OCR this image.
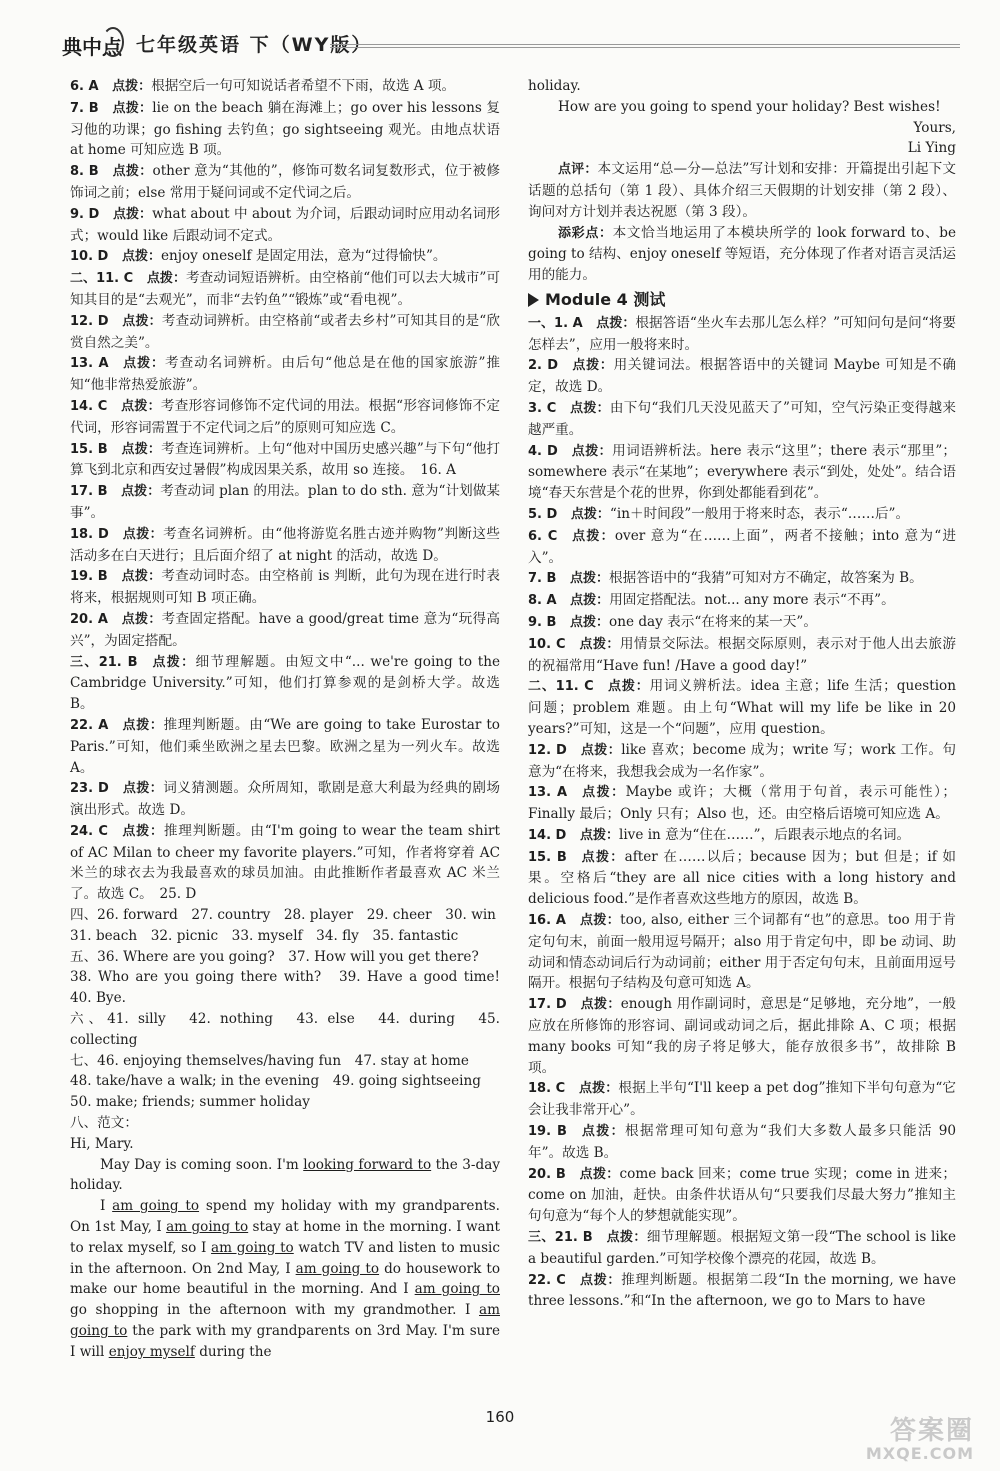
典中点 七年级英语 下（WY版）
6. A  点拨：根据空后一句可知说话者希望不下雨，故选 A 项。
7. B  点拨：lie on the beach 躺在海滩上；go over his lessons 复习他的功课；go fishing 去钓鱼；go sightseeing 观光。由地点状语 at home 可知应选 B 项。
8. B  点拨：other 意为“其他的”，修饰可数名词复数形式，位于被修饰词之前；else 常用于疑问词或不定代词之后。
9. D  点拨：what about 中 about 为介词，后跟动词时应用动名词形式；would like 后跟动词不定式。
10. D  点拨：enjoy oneself 是固定用法，意为“过得愉快”。
二、11. C  点拨：考查动词短语辨析。由空格前“他们可以去大城市”可知其目的是“去观光”，而非“去钓鱼”“锻炼”或“看电视”。
12. D  点拨：考查动词辨析。由空格前“或者去乡村”可知其目的是“欣赏自然之美”。
13. A  点拨：考查动名词辨析。由后句“他总是在他的国家旅游”推知“他非常热爱旅游”。
14. C  点拨：考查形容词修饰不定代词的用法。根据“形容词修饰不定代词，形容词需置于不定代词之后”的原则可知应选 C。
15. B  点拨：考查连词辨析。上句“他对中国历史感兴趣”与下句“他打算飞到北京和西安过暑假”构成因果关系，故用 so 连接。　16. A
17. B  点拨：考查动词 plan 的用法。plan to do sth. 意为“计划做某事”。
18. D  点拨：考查名词辨析。由“他将游览名胜古迹并购物”判断这些活动多在白天进行；且后面介绍了 at night 的活动，故选 D。
19. B  点拨：考查动词时态。由空格前 is 判断，此句为现在进行时表将来，根据规则可知 B 项正确。
20. A  点拨：考查固定搭配。have a good/great time 意为“玩得高兴”，为固定搭配。
三、21. B  点拨：细节理解题。由短文中“... we're going to the Cambridge University.”可知，他们打算参观的是剑桥大学。故选 B。
22. A  点拨：推理判断题。由“We are going to take Eurostar to Paris.”可知，他们乘坐欧洲之星去巴黎。欧洲之星为一列火车。故选 A。
23. D  点拨：词义猜测题。众所周知，歌剧是意大利最为经典的剧场演出形式。故选 D。
24. C  点拨：推理判断题。由“I'm going to wear the team shirt of AC Milan to cheer my favorite players.”可知，作者将穿着 AC 米兰的球衣去为我最喜欢的球员加油。由此推断作者最喜欢 AC 米兰了。故选 C。　25. D
四、26. forward　27. country　28. player　29. cheer　30. win
31. beach　32. picnic　33. myself　34. fly　35. fantastic
五、36. Where are you going?　37. How will you get there?
38. Who are you going there with?　39. Have a good time!　40. Bye.
六、41. silly　42. nothing　43. else　44. during　45. collecting
七、46. enjoying themselves/having fun　47. stay at home
48. take/have a walk; in the evening　49. going sightseeing
50. make; friends; summer holiday
八、范文：
Hi, Mary.
May Day is coming soon. I'm looking forward to the 3-day holiday.
I am going to spend my holiday with my grandparents. On 1st May, I am going to stay at home in the morning. I want to relax myself, so I am going to watch TV and listen to music in the afternoon. On 2nd May, I am going to do housework to make our home beautiful in the morning. And I am going to go shopping in the afternoon with my grandmother. I am going to the park with my grandparents on 3rd May. I'm sure I will enjoy myself during the
holiday.
How are you going to spend your holiday? Best wishes!
Yours,
Li Ying
点评：本文运用“总—分—总法”写计划和安排：开篇提出引起下文话题的总括句（第 1 段）、具体介绍三天假期的计划安排（第 2 段）、询问对方计划并表达祝愿（第 3 段）。
添彩点：本文恰当地运用了本模块所学的 look forward to、be going to 结构、enjoy oneself 等短语，充分体现了作者对语言灵活运用的能力。
Module 4 测试
一、1. A  点拨：根据答语“坐火车去那儿怎么样？”可知问句是问“将要怎样去”，应用一般将来时。
2. D  点拨：用关键词法。根据答语中的关键词 Maybe 可知是不确定，故选 D。
3. C  点拨：由下句“我们几天没见蓝天了”可知，空气污染正变得越来越严重。
4. D  点拨：用词语辨析法。here 表示“这里”；there 表示“那里”；somewhere 表示“在某地”；everywhere 表示“到处，处处”。结合语境“春天东营是个花的世界，你到处都能看到花”。
5. D  点拨：“in＋时间段”一般用于将来时态，表示“……后”。
6. C  点拨：over 意为“在……上面”，两者不接触；into 意为“进入”。
7. B  点拨：根据答语中的“我猜”可知对方不确定，故答案为 B。
8. A  点拨：用固定搭配法。not... any more 表示“不再”。
9. B  点拨：one day 表示“在将来的某一天”。
10. C  点拨：用情景交际法。根据交际原则，表示对于他人出去旅游的祝福常用“Have fun! /Have a good day!”
二、11. C  点拨：用词义辨析法。idea 主意；life 生活；question 问题；problem 难题。由上句“What will my life be like in 20 years?”可知，这是一个“问题”，应用 question。
12. D  点拨：like 喜欢；become 成为；write 写；work 工作。句意为“在将来，我想我会成为一名作家”。
13. A  点拨：Maybe 或许；大概（常用于句首，表示可能性）；Finally 最后；Only 只有；Also 也，还。由空格后语境可知应选 A。
14. D  点拨：live in 意为“住在……”，后跟表示地点的名词。
15. B  点拨：after 在……以后；because 因为；but 但是；if 如果。空格后“they are all nice cities with a long history and delicious food.”是作者喜欢这些地方的原因，故选 B。
16. A  点拨：too, also, either 三个词都有“也”的意思。too 用于肯定句句末，前面一般用逗号隔开；also 用于肯定句中，即 be 动词、助动词和情态动词后行为动词前；either 用于否定句句末，且前面用逗号隔开。根据句子结构及句意可知选 A。
17. D  点拨：enough 用作副词时，意思是“足够地，充分地”，一般应放在所修饰的形容词、副词或动词之后，据此排除 A、C 项；根据 many books 可知“我的房子将足够大，能存放很多书”，故排除 B 项。
18. C  点拨：根据上半句“I'll keep a pet dog”推知下半句句意为“它会让我非常开心”。
19. B  点拨：根据常理可知句意为“我们大多数人最多只能活 90 年”。故选 B。
20. B  点拨：come back 回来；come true 实现；come in 进来；come on 加油，赶快。由条件状语从句“只要我们尽最大努力”推知主句句意为“每个人的梦想就能实现”。
三、21. B  点拨：细节理解题。根据短文第一段“The school is like a beautiful garden.”可知学校像个漂亮的花园，故选 B。
22. C  点拨：推理判断题。根据第二段“In the morning, we have three lessons.”和“In the afternoon, we go to Mars to have
160	答案圈
MXQE.COM
